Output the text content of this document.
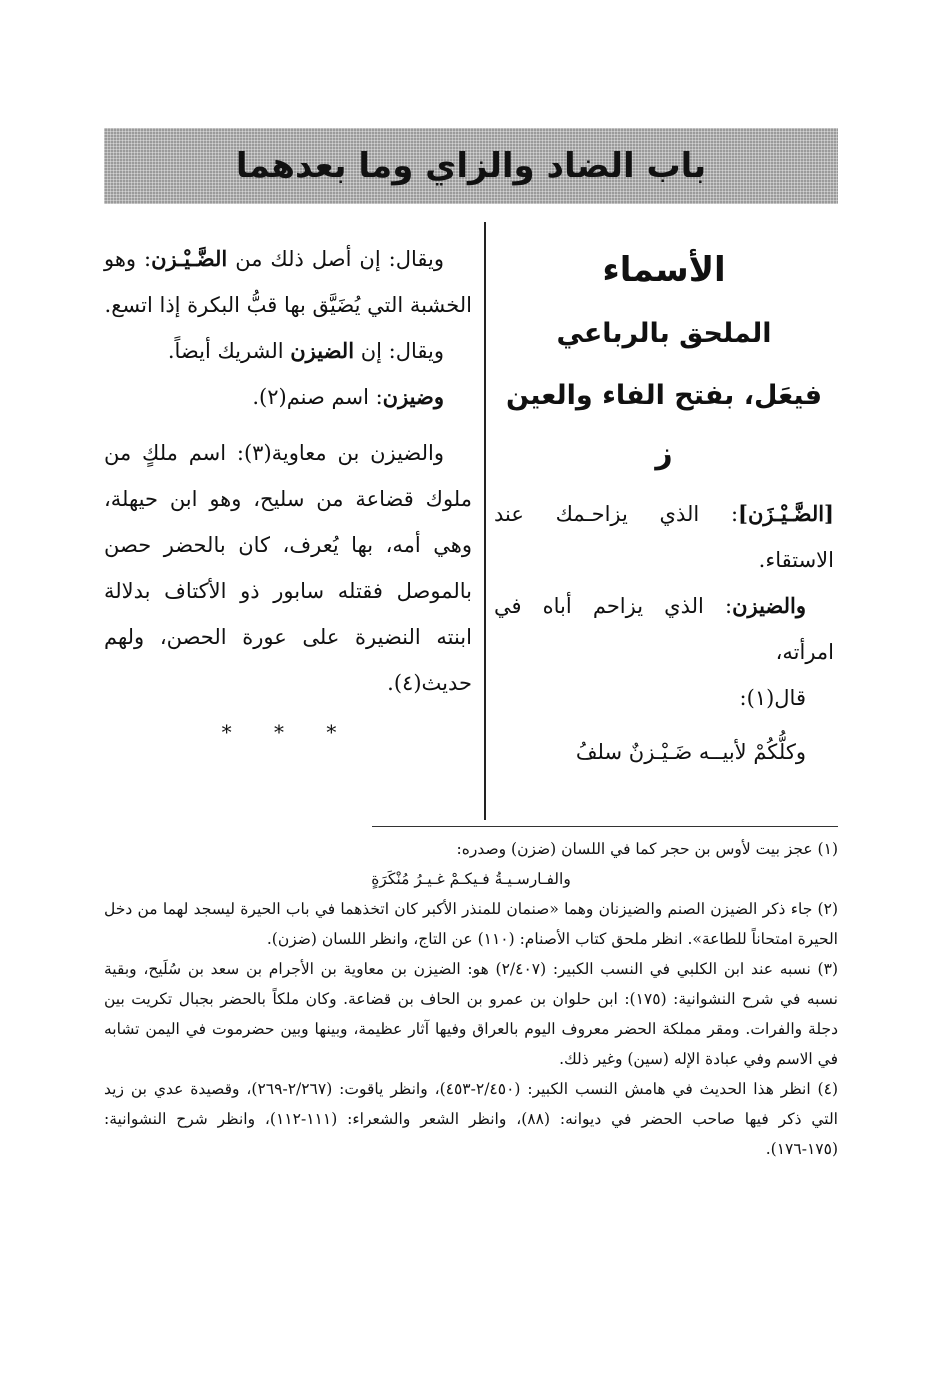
باب الضاد والزاي وما بعدهما
الأسماء
الملحق بالرباعي
فيعَل، بفتح الفاء والعين
ز

[الضَّـيْـزَن]: الذي يزاحـمك عند الاستقاء.

والضيزن: الذي يزاحم أباه في امرأته،

قال(١):

وكلُّكُمْ لأبيــه ضَـيْـزنٌ سلفُ

ويقال: إن أصل ذلك من الضَّـيْـزن: وهو الخشبة التي يُضَيَّق بها قبُّ البكرة إذا اتسع.

ويقال: إن الضيزن الشريك أيضاً.

وضيزن: اسم صنم(٢).

والضيزن بن معاوية(٣): اسم ملكٍ من ملوك قضاعة من سليح، وهو ابن حيهلة، وهي أمه، بها يُعرف، كان بالحضر حصن بالموصل فقتله سابور ذو الأكتاف بدلالة ابنته النضيرة على عورة الحصن، ولهم حديث(٤).

* * *

(١) عجز بيت لأوس بن حجر كما في اللسان (ضزن) وصدره:

والفـارسـيـةُ فـيكـمْ غـيـرُ مُنْكَرَةٍ

(٢) جاء ذكر الضيزن الصنم والضيزنان وهما «صنمان للمنذر الأكبر كان اتخذهما في باب الحيرة ليسجد لهما من دخل الحيرة امتحاناً للطاعة». انظر ملحق كتاب الأصنام: (١١٠) عن التاج، وانظر اللسان (ضزن).

(٣) نسبه عند ابن الكلبي في النسب الكبير: (٢/٤٠٧) هو: الضيزن بن معاوية بن الأجرام بن سعد بن سُلَيح، وبقية نسبه في شرح النشوانية: (١٧٥): ابن حلوان بن عمرو بن الحاف بن قضاعة. وكان ملكاً بالحضر بجبال تكريت بين دجلة والفرات. ومقر مملكة الحضر معروف اليوم بالعراق وفيها آثار عظيمة، وبينها وبين حضرموت في اليمن تشابه في الاسم وفي عبادة الإله (سين) وغير ذلك.

(٤) انظر هذا الحديث في هامش النسب الكبير: (٢/٤٥٠-٤٥٣)، وانظر ياقوت: (٢/٢٦٧-٢٦٩)، وقصيدة عدي بن زيد التي ذكر فيها صاحب الحضر في ديوانه: (٨٨)، وانظر الشعر والشعراء: (١١١-١١٢)، وانظر شرح النشوانية: (١٧٥-١٧٦).
